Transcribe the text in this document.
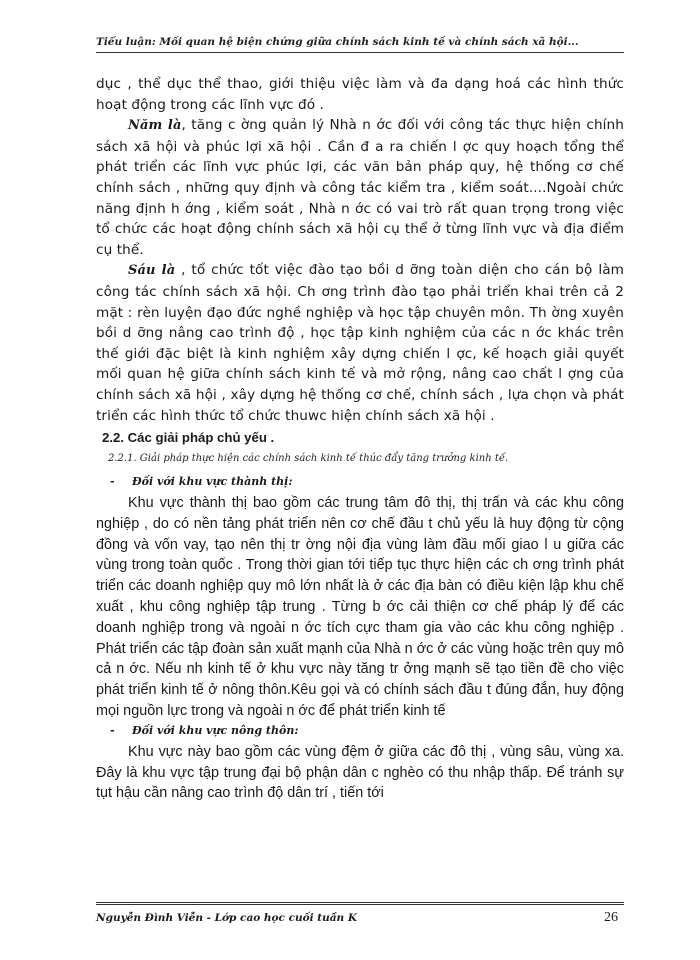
Tiểu luận: Mối quan hệ biện chứng giữa chính sách kinh tế và chính sách xã hội...

dục , thể dục thể thao, giới thiệu việc làm và đa dạng hoá các hình thức hoạt động trong các lĩnh vực đó .

Năm là, tăng c ờng quản lý Nhà n ớc đối với công tác thực hiện chính sách xã hội và phúc lợi xã hội . Cần đ a ra chiến l ợc quy hoạch tổng thể phát triển các lĩnh vực phúc lợi, các văn bản pháp quy, hệ thống cơ chế chính sách , những quy định và công tác kiểm tra , kiểm soát....Ngoài chức năng định h ớng , kiểm soát , Nhà n ớc có vai trò rất quan trọng trong việc tổ chức các hoạt động chính sách xã hội cụ thể ở từng lĩnh vực và địa điểm cụ thể.

Sáu là , tổ chức tốt việc đào tạo bồi d ỡng toàn diện cho cán bộ làm công tác chính sách xã hội. Ch ơng trình đào tạo phải triển khai trên cả 2 mặt : rèn luyện đạo đức nghề nghiệp và học tập chuyên môn. Th ờng xuyên bồi d ỡng nâng cao trình độ , học tập kinh nghiệm của các n ớc khác trên thế giới đặc biệt là kinh nghiệm xây dựng chiến l ợc, kế hoạch giải quyết mối quan hệ giữa chính sách kinh tế và mở rộng, nâng cao chất l ợng của chính sách xã hội , xây dựng hệ thống cơ chế, chính sách , lựa chọn và phát triển các hình thức tổ chức thuwc hiện chính sách xã hội .

2.2. Các giải pháp chủ yếu .
2.2.1. Giải pháp thực hiện các chính sách kinh tế thúc đẩy tăng trưởng kinh tế.
- Đối với khu vực thành thị:

Khu vực thành thị bao gồm các trung tâm đô thị, thị trấn và các khu công nghiệp , do có nền tảng phát triển nên cơ chế đầu t chủ yếu là huy động từ cộng đồng và vốn vay, tạo nên thị tr ờng nội địa vùng làm đầu mối giao l u giữa các vùng trong toàn quốc . Trong thời gian tới tiếp tục thực hiện các ch ơng trình phát triển các doanh nghiệp quy mô lớn nhất là ở các địa bàn có điều kiện lập khu chế xuất , khu công nghiệp tập trung . Từng b ớc cải thiện cơ chế pháp lý để các doanh nghiệp trong và ngoài n ớc tích cực tham gia vào các khu công nghiệp . Phát triển các tập đoàn sản xuất mạnh của Nhà n ớc ở các vùng hoặc trên quy mô cả n ớc. Nếu nh kinh tế ở khu vực này tăng tr ởng mạnh sẽ tạo tiền đề cho việc phát triển kinh tế ở nông thôn.Kêu gọi và có chính sách đầu t đúng đắn, huy động mọi nguồn lực trong và ngoài n ớc để phát triển kinh tế

- Đối với khu vực nông thôn:

Khu vực này bao gồm các vùng đệm ở giữa các đô thị , vùng sâu, vùng xa. Đây là khu vực tập trung đại bộ phận dân c nghèo có thu nhập thấp. Để tránh sự tụt hậu cần nâng cao trình độ dân trí , tiến tới

Nguyễn Đình Viễn - Lớp cao học cuối tuần K	26
